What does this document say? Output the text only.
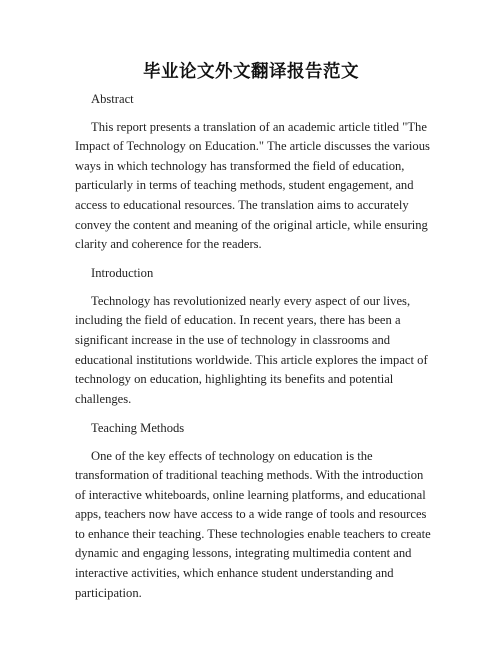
毕业论文外文翻译报告范文

Abstract

This report presents a translation of an academic article titled "The Impact of Technology on Education." The article discusses the various ways in which technology has transformed the field of education, particularly in terms of teaching methods, student engagement, and access to educational resources. The translation aims to accurately convey the content and meaning of the original article, while ensuring clarity and coherence for the readers.

Introduction

Technology has revolutionized nearly every aspect of our lives, including the field of education. In recent years, there has been a significant increase in the use of technology in classrooms and educational institutions worldwide. This article explores the impact of technology on education, highlighting its benefits and potential challenges.

Teaching Methods

One of the key effects of technology on education is the transformation of traditional teaching methods. With the introduction of interactive whiteboards, online learning platforms, and educational apps, teachers now have access to a wide range of tools and resources to enhance their teaching. These technologies enable teachers to create dynamic and engaging lessons, integrating multimedia content and interactive activities, which enhance student understanding and participation.
